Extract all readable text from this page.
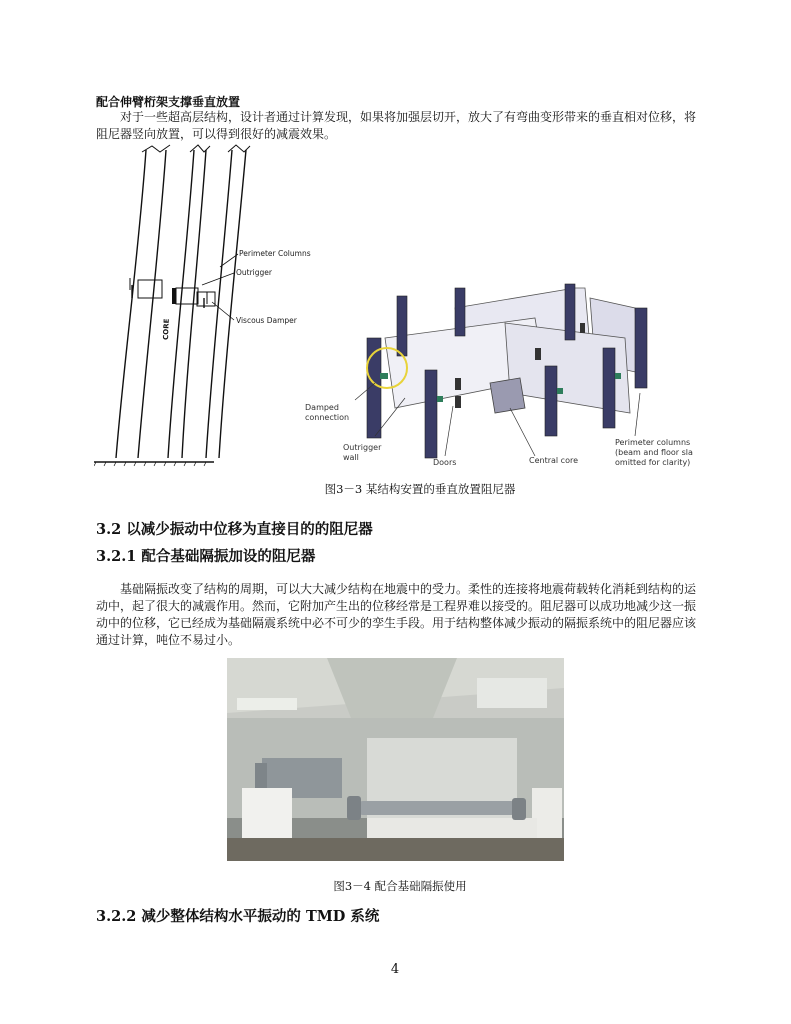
配合伸臂桁架支撑垂直放置
对于一些超高层结构，设计者通过计算发现，如果将加强层切开，放大了有弯曲变形带来的垂直相对位移，将阻尼器竖向放置，可以得到很好的减震效果。
CORE
Perimeter Columns
Outrigger
Viscous Damper
Damped connection
Outrigger wall
Doors	Central core
Perimeter columns (beam and floor sla omitted for clarity)
图3－3 某结构安置的垂直放置阻尼器
3.2 以减少振动中位移为直接目的的阻尼器
3.2.1 配合基础隔振加设的阻尼器
基础隔振改变了结构的周期，可以大大减少结构在地震中的受力。柔性的连接将地震荷载转化消耗到结构的运动中，起了很大的减震作用。然而，它附加产生出的位移经常是工程界难以接受的。阻尼器可以成功地减少这一振动中的位移，它已经成为基础隔震系统中必不可少的孪生手段。用于结构整体减少振动的隔振系统中的阻尼器应该通过计算，吨位不易过小。
图3－4 配合基础隔振使用
3.2.2 减少整体结构水平振动的 TMD 系统
4
